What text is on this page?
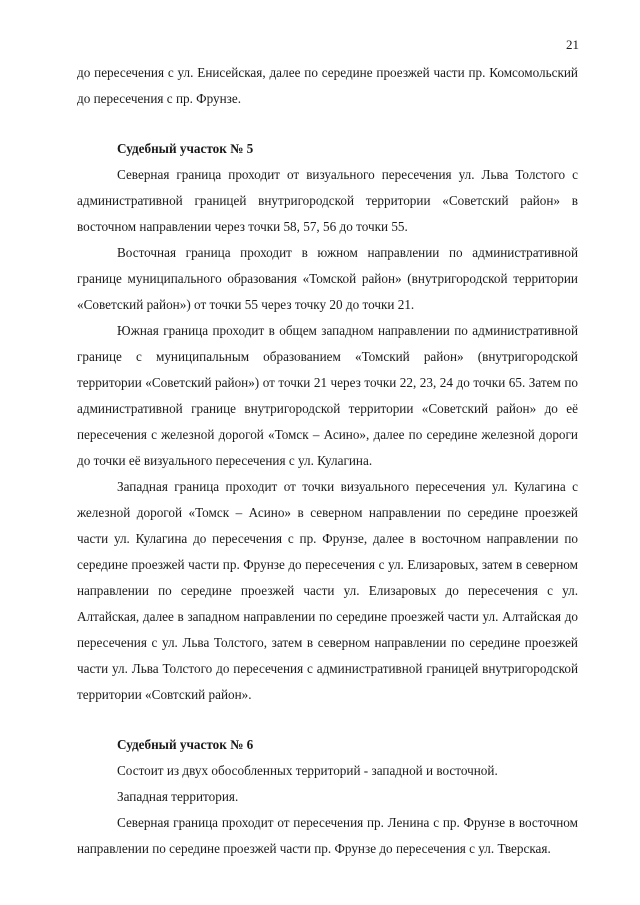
21

до пересечения с ул. Енисейская, далее по середине проезжей части пр. Комсомольский до пересечения с пр. Фрунзе.

Судебный участок № 5

Северная граница проходит от визуального пересечения ул. Льва Толстого с административной границей внутригородской территории «Советский район» в восточном направлении через точки 58, 57, 56 до точки 55.

Восточная граница проходит в южном направлении по административной границе муниципального образования «Томской район» (внутригородской территории «Советский район») от точки 55 через точку 20 до точки 21.

Южная граница проходит в общем западном направлении по административной границе с муниципальным образованием «Томский район» (внутригородской территории «Советский район») от точки 21 через точки 22, 23, 24 до точки 65. Затем по административной границе внутригородской территории «Советский район» до её пересечения с железной дорогой «Томск – Асино», далее по середине железной дороги до точки её визуального пересечения с ул. Кулагина.

Западная граница проходит от точки визуального пересечения ул. Кулагина с железной дорогой «Томск – Асино» в северном направлении по середине проезжей части ул. Кулагина до пересечения с пр. Фрунзе, далее в восточном направлении по середине проезжей части пр. Фрунзе до пересечения с ул. Елизаровых, затем в северном направлении по середине проезжей части ул. Елизаровых до пересечения с ул. Алтайская, далее в западном направлении по середине проезжей части ул. Алтайская до пересечения с ул. Льва Толстого, затем в северном направлении по середине проезжей части ул. Льва Толстого до пересечения с административной границей внутригородской территории «Совтский район».

Судебный участок № 6

Состоит из двух обособленных территорий - западной и восточной.

Западная территория.

Северная граница проходит от пересечения пр. Ленина с пр. Фрунзе в восточном направлении по середине проезжей части пр. Фрунзе до пересечения с ул. Тверская.
